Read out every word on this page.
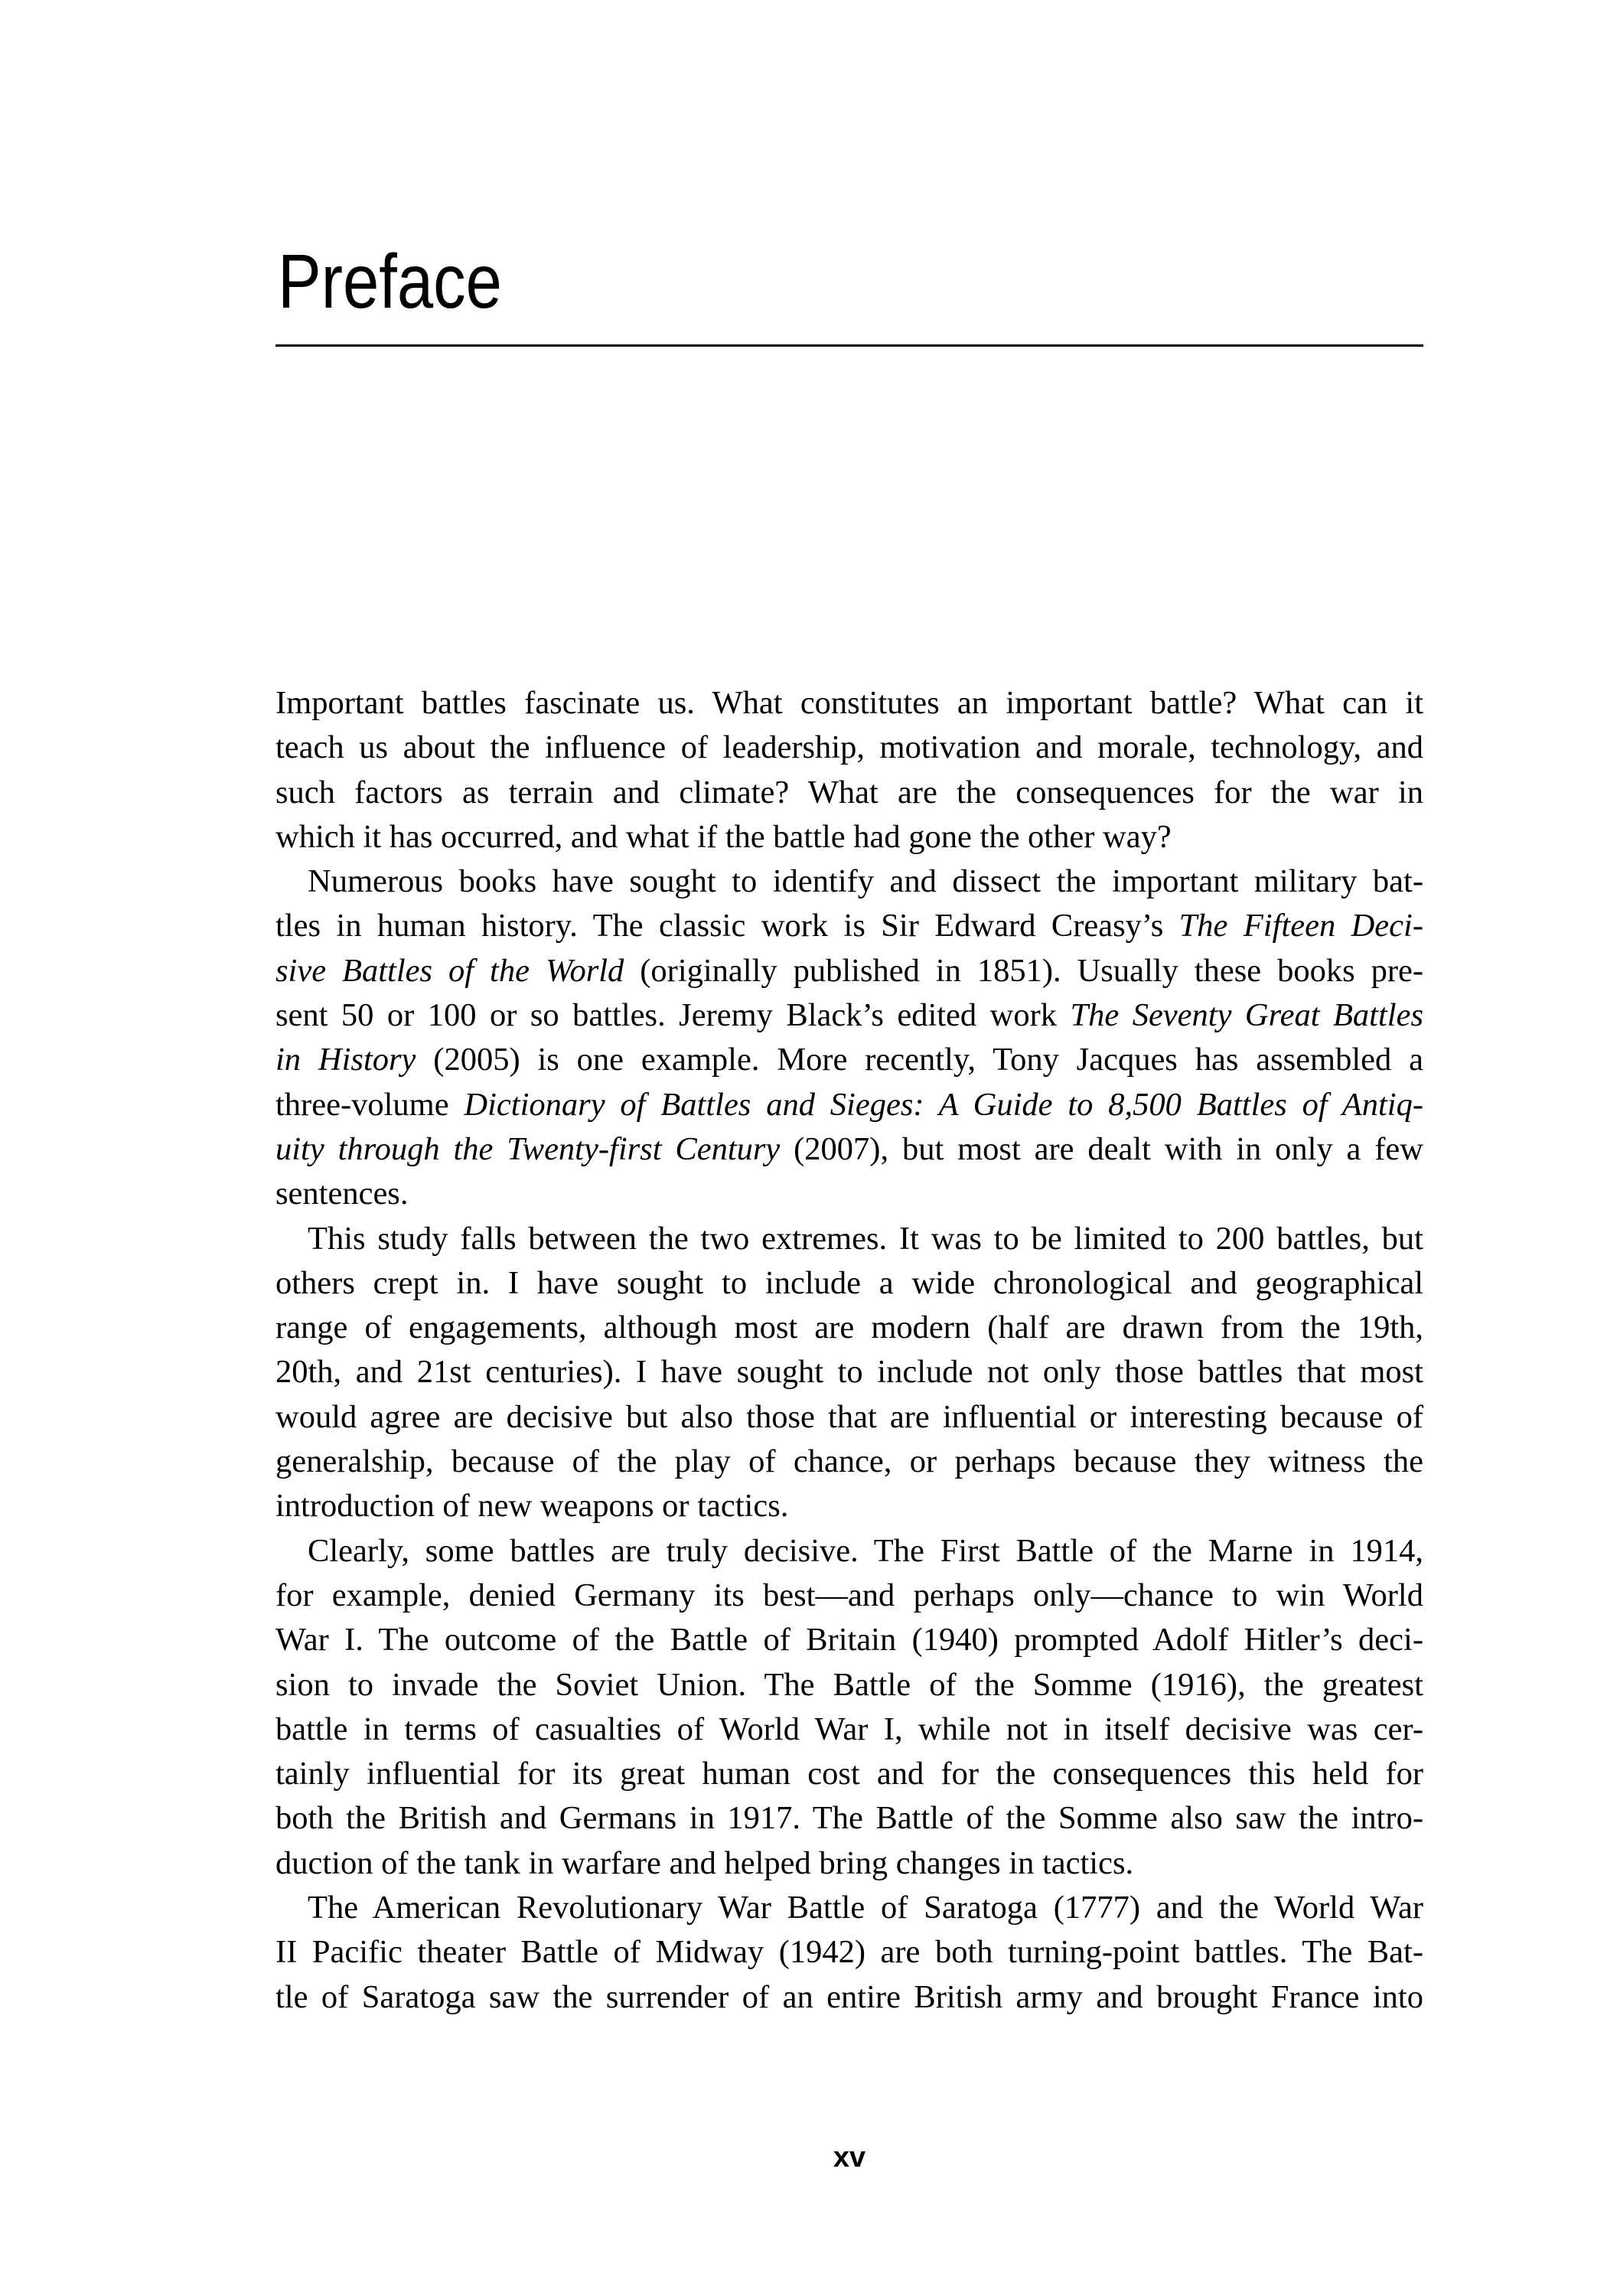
Preface
Important battles fascinate us. What constitutes an important battle? What can it
teach us about the influence of leadership, motivation and morale, technology, and
such factors as terrain and climate? What are the consequences for the war in
which it has occurred, and what if the battle had gone the other way?
Numerous books have sought to identify and dissect the important military bat-
tles in human history. The classic work is Sir Edward Creasy’s The Fifteen Deci-
sive Battles of the World (originally published in 1851). Usually these books pre-
sent 50 or 100 or so battles. Jeremy Black’s edited work The Seventy Great Battles
in History (2005) is one example. More recently, Tony Jacques has assembled a
three-volume Dictionary of Battles and Sieges: A Guide to 8,500 Battles of Antiq-
uity through the Twenty-first Century (2007), but most are dealt with in only a few
sentences.
This study falls between the two extremes. It was to be limited to 200 battles, but
others crept in. I have sought to include a wide chronological and geographical
range of engagements, although most are modern (half are drawn from the 19th,
20th, and 21st centuries). I have sought to include not only those battles that most
would agree are decisive but also those that are influential or interesting because of
generalship, because of the play of chance, or perhaps because they witness the
introduction of new weapons or tactics.
Clearly, some battles are truly decisive. The First Battle of the Marne in 1914,
for example, denied Germany its best—and perhaps only—chance to win World
War I. The outcome of the Battle of Britain (1940) prompted Adolf Hitler’s deci-
sion to invade the Soviet Union. The Battle of the Somme (1916), the greatest
battle in terms of casualties of World War I, while not in itself decisive was cer-
tainly influential for its great human cost and for the consequences this held for
both the British and Germans in 1917. The Battle of the Somme also saw the intro-
duction of the tank in warfare and helped bring changes in tactics.
The American Revolutionary War Battle of Saratoga (1777) and the World War
II Pacific theater Battle of Midway (1942) are both turning-point battles. The Bat-
tle of Saratoga saw the surrender of an entire British army and brought France into
xv
